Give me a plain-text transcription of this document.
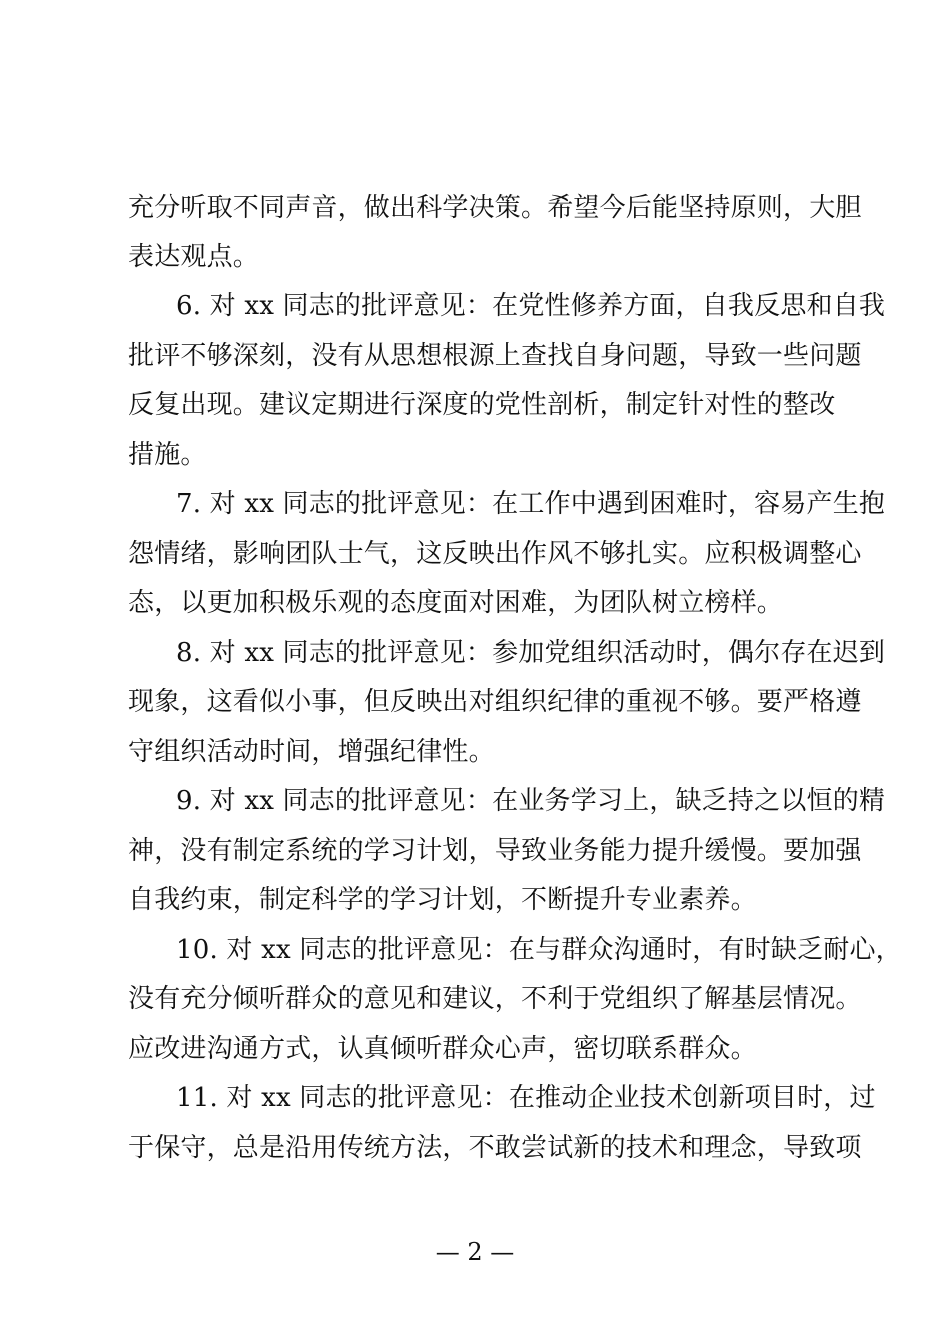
充分听取不同声音，做出科学决策。希望今后能坚持原则，大胆
表达观点。
6. 对 xx 同志的批评意见：在党性修养方面，自我反思和自我
批评不够深刻，没有从思想根源上查找自身问题，导致一些问题
反复出现。建议定期进行深度的党性剖析，制定针对性的整改
措施。
7. 对 xx 同志的批评意见：在工作中遇到困难时，容易产生抱
怨情绪，影响团队士气，这反映出作风不够扎实。应积极调整心
态，以更加积极乐观的态度面对困难，为团队树立榜样。
8. 对 xx 同志的批评意见：参加党组织活动时，偶尔存在迟到
现象，这看似小事，但反映出对组织纪律的重视不够。要严格遵
守组织活动时间，增强纪律性。
9. 对 xx 同志的批评意见：在业务学习上，缺乏持之以恒的精
神，没有制定系统的学习计划，导致业务能力提升缓慢。要加强
自我约束，制定科学的学习计划，不断提升专业素养。
10. 对 xx 同志的批评意见：在与群众沟通时，有时缺乏耐心，
没有充分倾听群众的意见和建议，不利于党组织了解基层情况。
应改进沟通方式，认真倾听群众心声，密切联系群众。
11. 对 xx 同志的批评意见：在推动企业技术创新项目时，过
于保守，总是沿用传统方法，不敢尝试新的技术和理念，导致项
— 2 —
